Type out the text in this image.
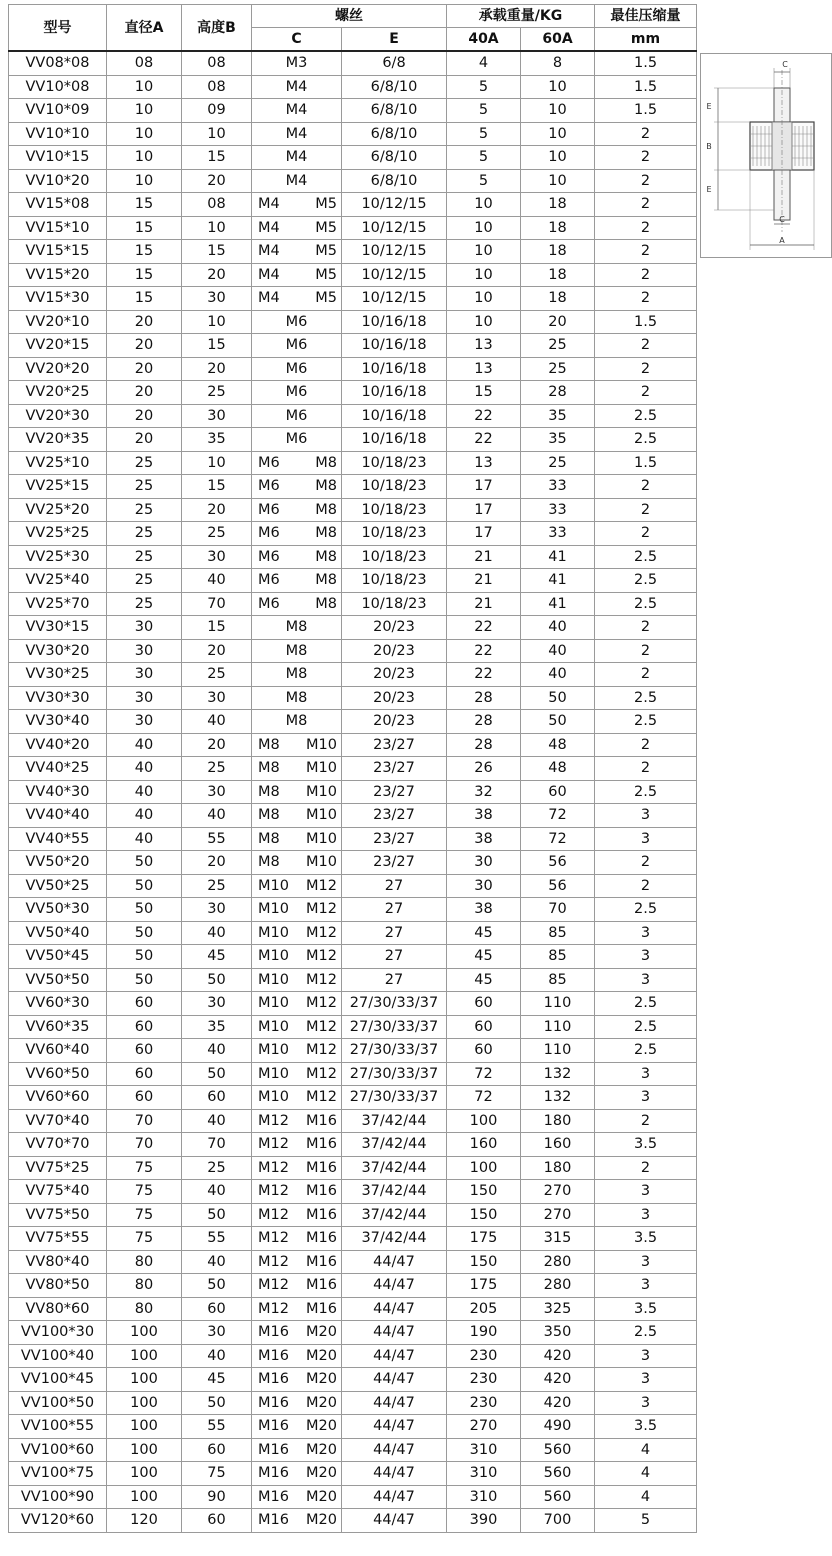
型号	直径A	高度B	螺丝		承载重量/KG		最佳压缩量
			C	E	40A	60A	mm
VV08*08	08	08	M3	6/8	4	8	1.5
VV10*08	10	08	M4	6/8/10	5	10	1.5
VV10*09	10	09	M4	6/8/10	5	10	1.5
VV10*10	10	10	M4	6/8/10	5	10	2
VV10*15	10	15	M4	6/8/10	5	10	2
VV10*20	10	20	M4	6/8/10	5	10	2
VV15*08	15	08	M4 M5	10/12/15	10	18	2
VV15*10	15	10	M4 M5	10/12/15	10	18	2
VV15*15	15	15	M4 M5	10/12/15	10	18	2
VV15*20	15	20	M4 M5	10/12/15	10	18	2
VV15*30	15	30	M4 M5	10/12/15	10	18	2
VV20*10	20	10	M6	10/16/18	10	20	1.5
VV20*15	20	15	M6	10/16/18	13	25	2
VV20*20	20	20	M6	10/16/18	13	25	2
VV20*25	20	25	M6	10/16/18	15	28	2
VV20*30	20	30	M6	10/16/18	22	35	2.5
VV20*35	20	35	M6	10/16/18	22	35	2.5
VV25*10	25	10	M6 M8	10/18/23	13	25	1.5
VV25*15	25	15	M6 M8	10/18/23	17	33	2
VV25*20	25	20	M6 M8	10/18/23	17	33	2
VV25*25	25	25	M6 M8	10/18/23	17	33	2
VV25*30	25	30	M6 M8	10/18/23	21	41	2.5
VV25*40	25	40	M6 M8	10/18/23	21	41	2.5
VV25*70	25	70	M6 M8	10/18/23	21	41	2.5
VV30*15	30	15	M8	20/23	22	40	2
VV30*20	30	20	M8	20/23	22	40	2
VV30*25	30	25	M8	20/23	22	40	2
VV30*30	30	30	M8	20/23	28	50	2.5
VV30*40	30	40	M8	20/23	28	50	2.5
VV40*20	40	20	M8 M10	23/27	28	48	2
VV40*25	40	25	M8 M10	23/27	26	48	2
VV40*30	40	30	M8 M10	23/27	32	60	2.5
VV40*40	40	40	M8 M10	23/27	38	72	3
VV40*55	40	55	M8 M10	23/27	38	72	3
VV50*20	50	20	M8 M10	23/27	30	56	2
VV50*25	50	25	M10 M12	27	30	56	2
VV50*30	50	30	M10 M12	27	38	70	2.5
VV50*40	50	40	M10 M12	27	45	85	3
VV50*45	50	45	M10 M12	27	45	85	3
VV50*50	50	50	M10 M12	27	45	85	3
VV60*30	60	30	M10 M12	27/30/33/37	60	110	2.5
VV60*35	60	35	M10 M12	27/30/33/37	60	110	2.5
VV60*40	60	40	M10 M12	27/30/33/37	60	110	2.5
VV60*50	60	50	M10 M12	27/30/33/37	72	132	3
VV60*60	60	60	M10 M12	27/30/33/37	72	132	3
VV70*40	70	40	M12 M16	37/42/44	100	180	2
VV70*70	70	70	M12 M16	37/42/44	160	160	3.5
VV75*25	75	25	M12 M16	37/42/44	100	180	2
VV75*40	75	40	M12 M16	37/42/44	150	270	3
VV75*50	75	50	M12 M16	37/42/44	150	270	3
VV75*55	75	55	M12 M16	37/42/44	175	315	3.5
VV80*40	80	40	M12 M16	44/47	150	280	3
VV80*50	80	50	M12 M16	44/47	175	280	3
VV80*60	80	60	M12 M16	44/47	205	325	3.5
VV100*30	100	30	M16 M20	44/47	190	350	2.5
VV100*40	100	40	M16 M20	44/47	230	420	3
VV100*45	100	45	M16 M20	44/47	230	420	3
VV100*50	100	50	M16 M20	44/47	230	420	3
VV100*55	100	55	M16 M20	44/47	270	490	3.5
VV100*60	100	60	M16 M20	44/47	310	560	4
VV100*75	100	75	M16 M20	44/47	310	560	4
VV100*90	100	90	M16 M20	44/47	310	560	4
VV120*60	120	60	M16 M20	44/47	390	700	5
C
E
B
E
C
A
